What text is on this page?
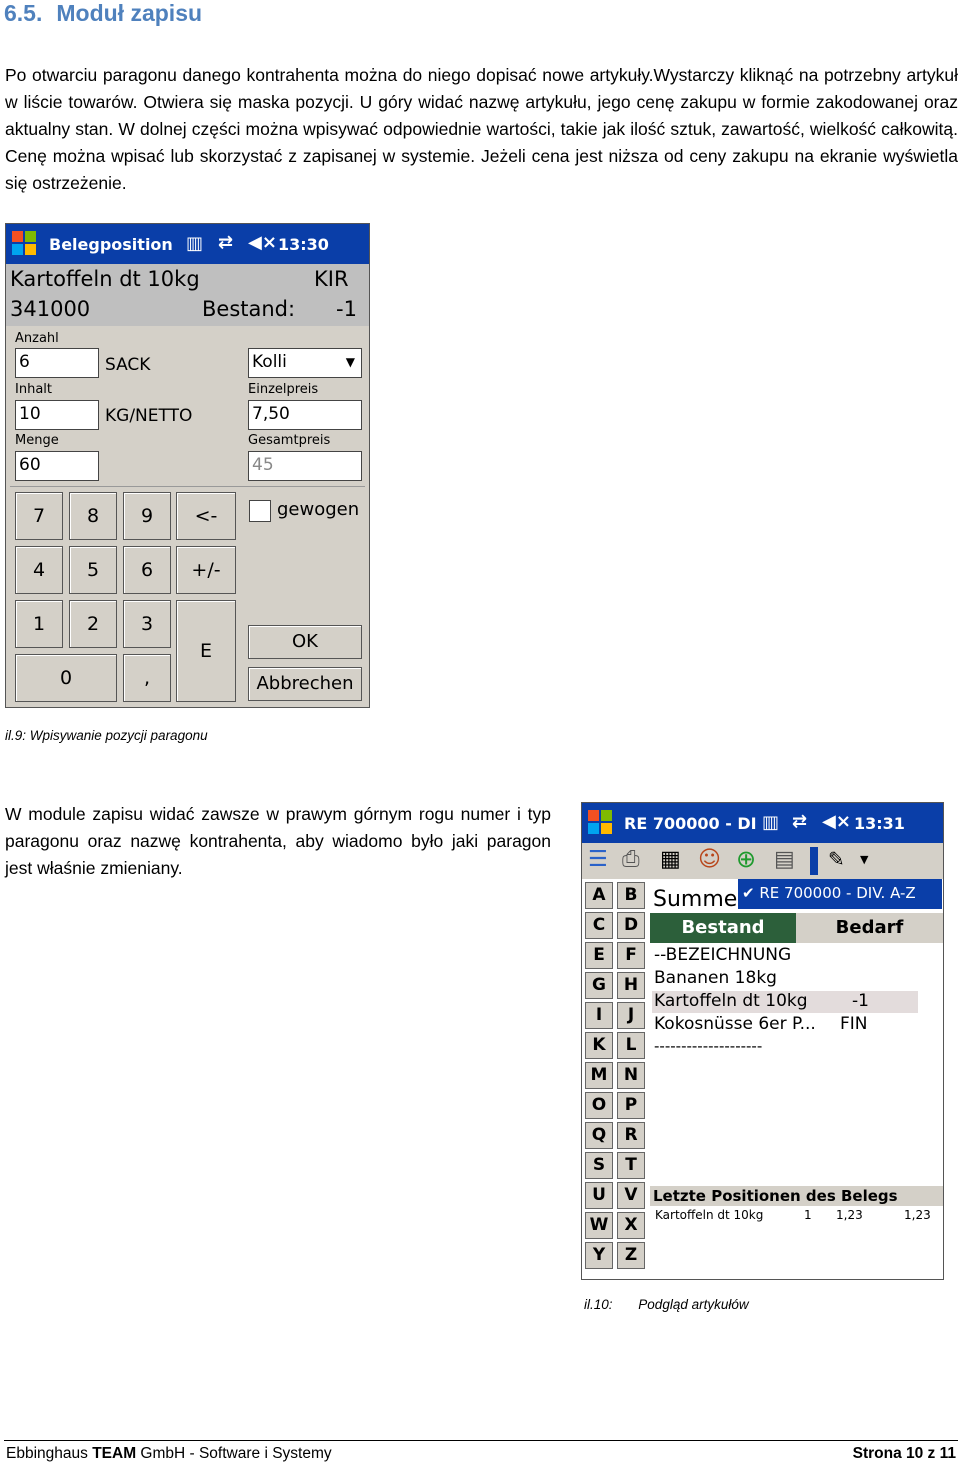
6.5. Moduł zapisu
Po otwarciu paragonu danego kontrahenta można do niego dopisać nowe artykuły.Wystarczy kliknąć na potrzebny artykuł w liście towarów. Otwiera się maska pozycji. U góry widać nazwę artykułu, jego cenę zakupu w formie zakodowanej oraz aktualny stan. W dolnej części można wpisywać odpowiednie wartości, takie jak ilość sztuk, zawartość, wielkość całkowitą. Cenę można wpisać lub skorzystać z zapisanej w systemie. Jeżeli cena jest niższa od ceny zakupu na ekranie wyświetla się ostrzeżenie.
Belegposition ▥ ⇄ ◀× 13:30
Kartoffeln dt 10kg	KIR
341000	Bestand: -1
Anzahl
6	SACK	Kolli	▼
Inhalt	Einzelpreis
10	KG/NETTO	7,50
Menge	Gesamtpreis
60	45
7	8	9	<-
4	5	6	+/-
1	2	3
E
0	,
gewogen
OK
Abbrechen
il.9: Wpisywanie pozycji paragonu
W module zapisu widać zawsze w prawym górnym rogu numer i typ paragonu oraz nazwę kontrahenta, aby wiadomo było jaki paragon jest właśnie zmieniany.
RE 700000 - DI ▥ ⇄ ◀× 13:31
☰ ⎙ ▦ ☺ ⊕ ▤	✎	▼
A	B
C	D
E	F
G	H
I	J
K	L
M N
O	P
Q	R
S	T
U	V
W X
Y	Z
Summe ✔ RE 700000 - DIV. A-Z
Bestand	Bedarf
--BEZEICHNUNG
Bananen 18kg
Kartoffeln dt 10kg	-1
Kokosnüsse 6er P... FIN
--------------------
Letzte Positionen des Belegs
Kartoffeln dt 10kg	1 1,23	1,23
il.10: Podgląd artykułów
Ebbinghaus TEAM GmbH - Software i Systemy	Strona 10 z 11
